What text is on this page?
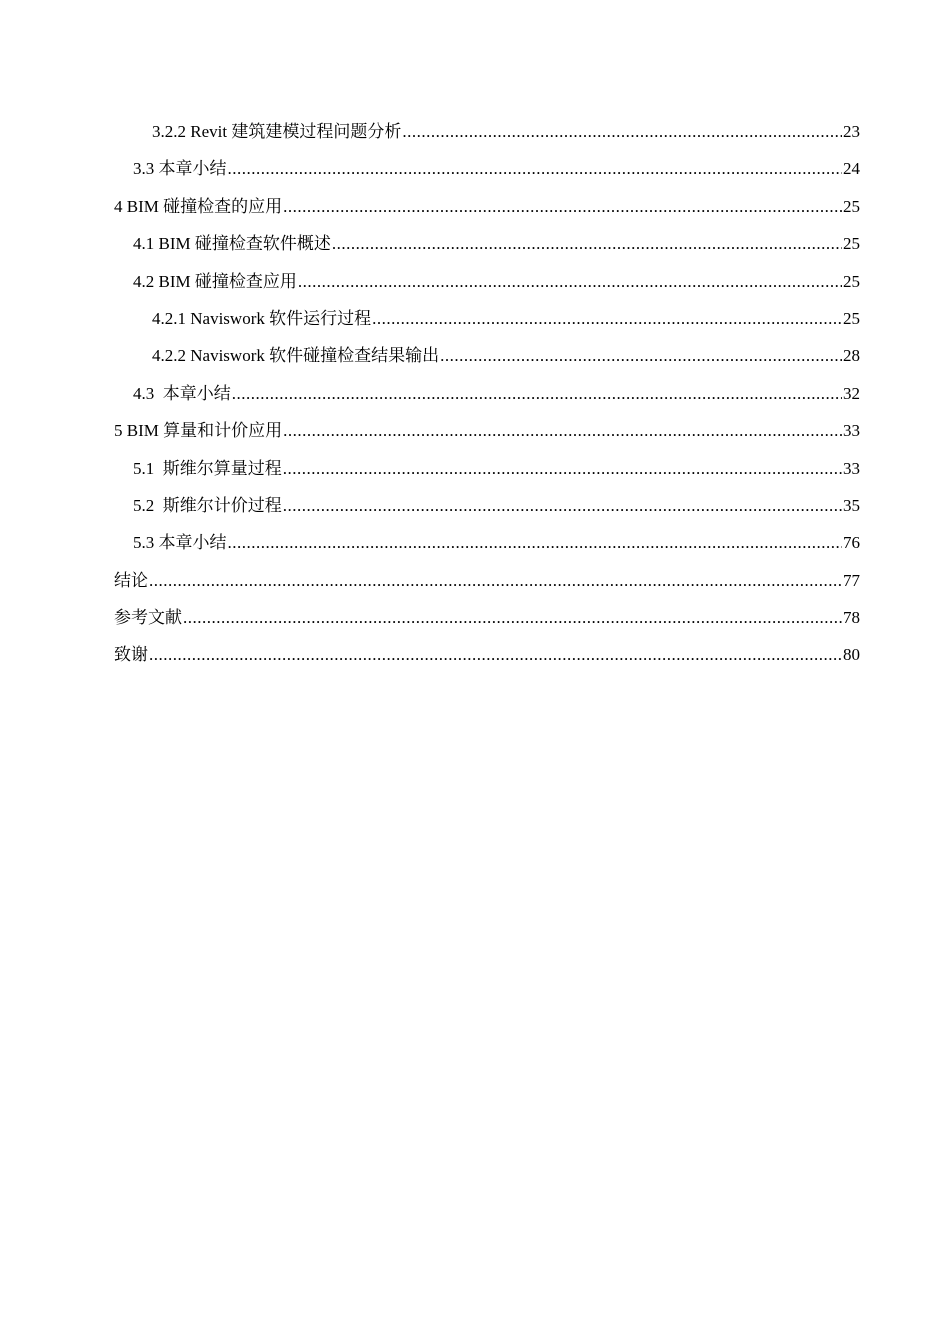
3.2.2 Revit 建筑建模过程问题分析 .....	23
3.3 本章小结 .....	24
4 BIM 碰撞检查的应用 .....	25
4.1 BIM 碰撞检查软件概述 .....	25
4.2 BIM 碰撞检查应用 .....	25
4.2.1 Naviswork 软件运行过程 .....	25
4.2.2 Naviswork 软件碰撞检查结果输出 .....	28
4.3  本章小结 .....	32
5 BIM 算量和计价应用 .....	33
5.1  斯维尔算量过程 .....	33
5.2  斯维尔计价过程 .....	35
5.3 本章小结 .....	76
结论 .....	77
参考文献 .....	78
致谢 .....	80
